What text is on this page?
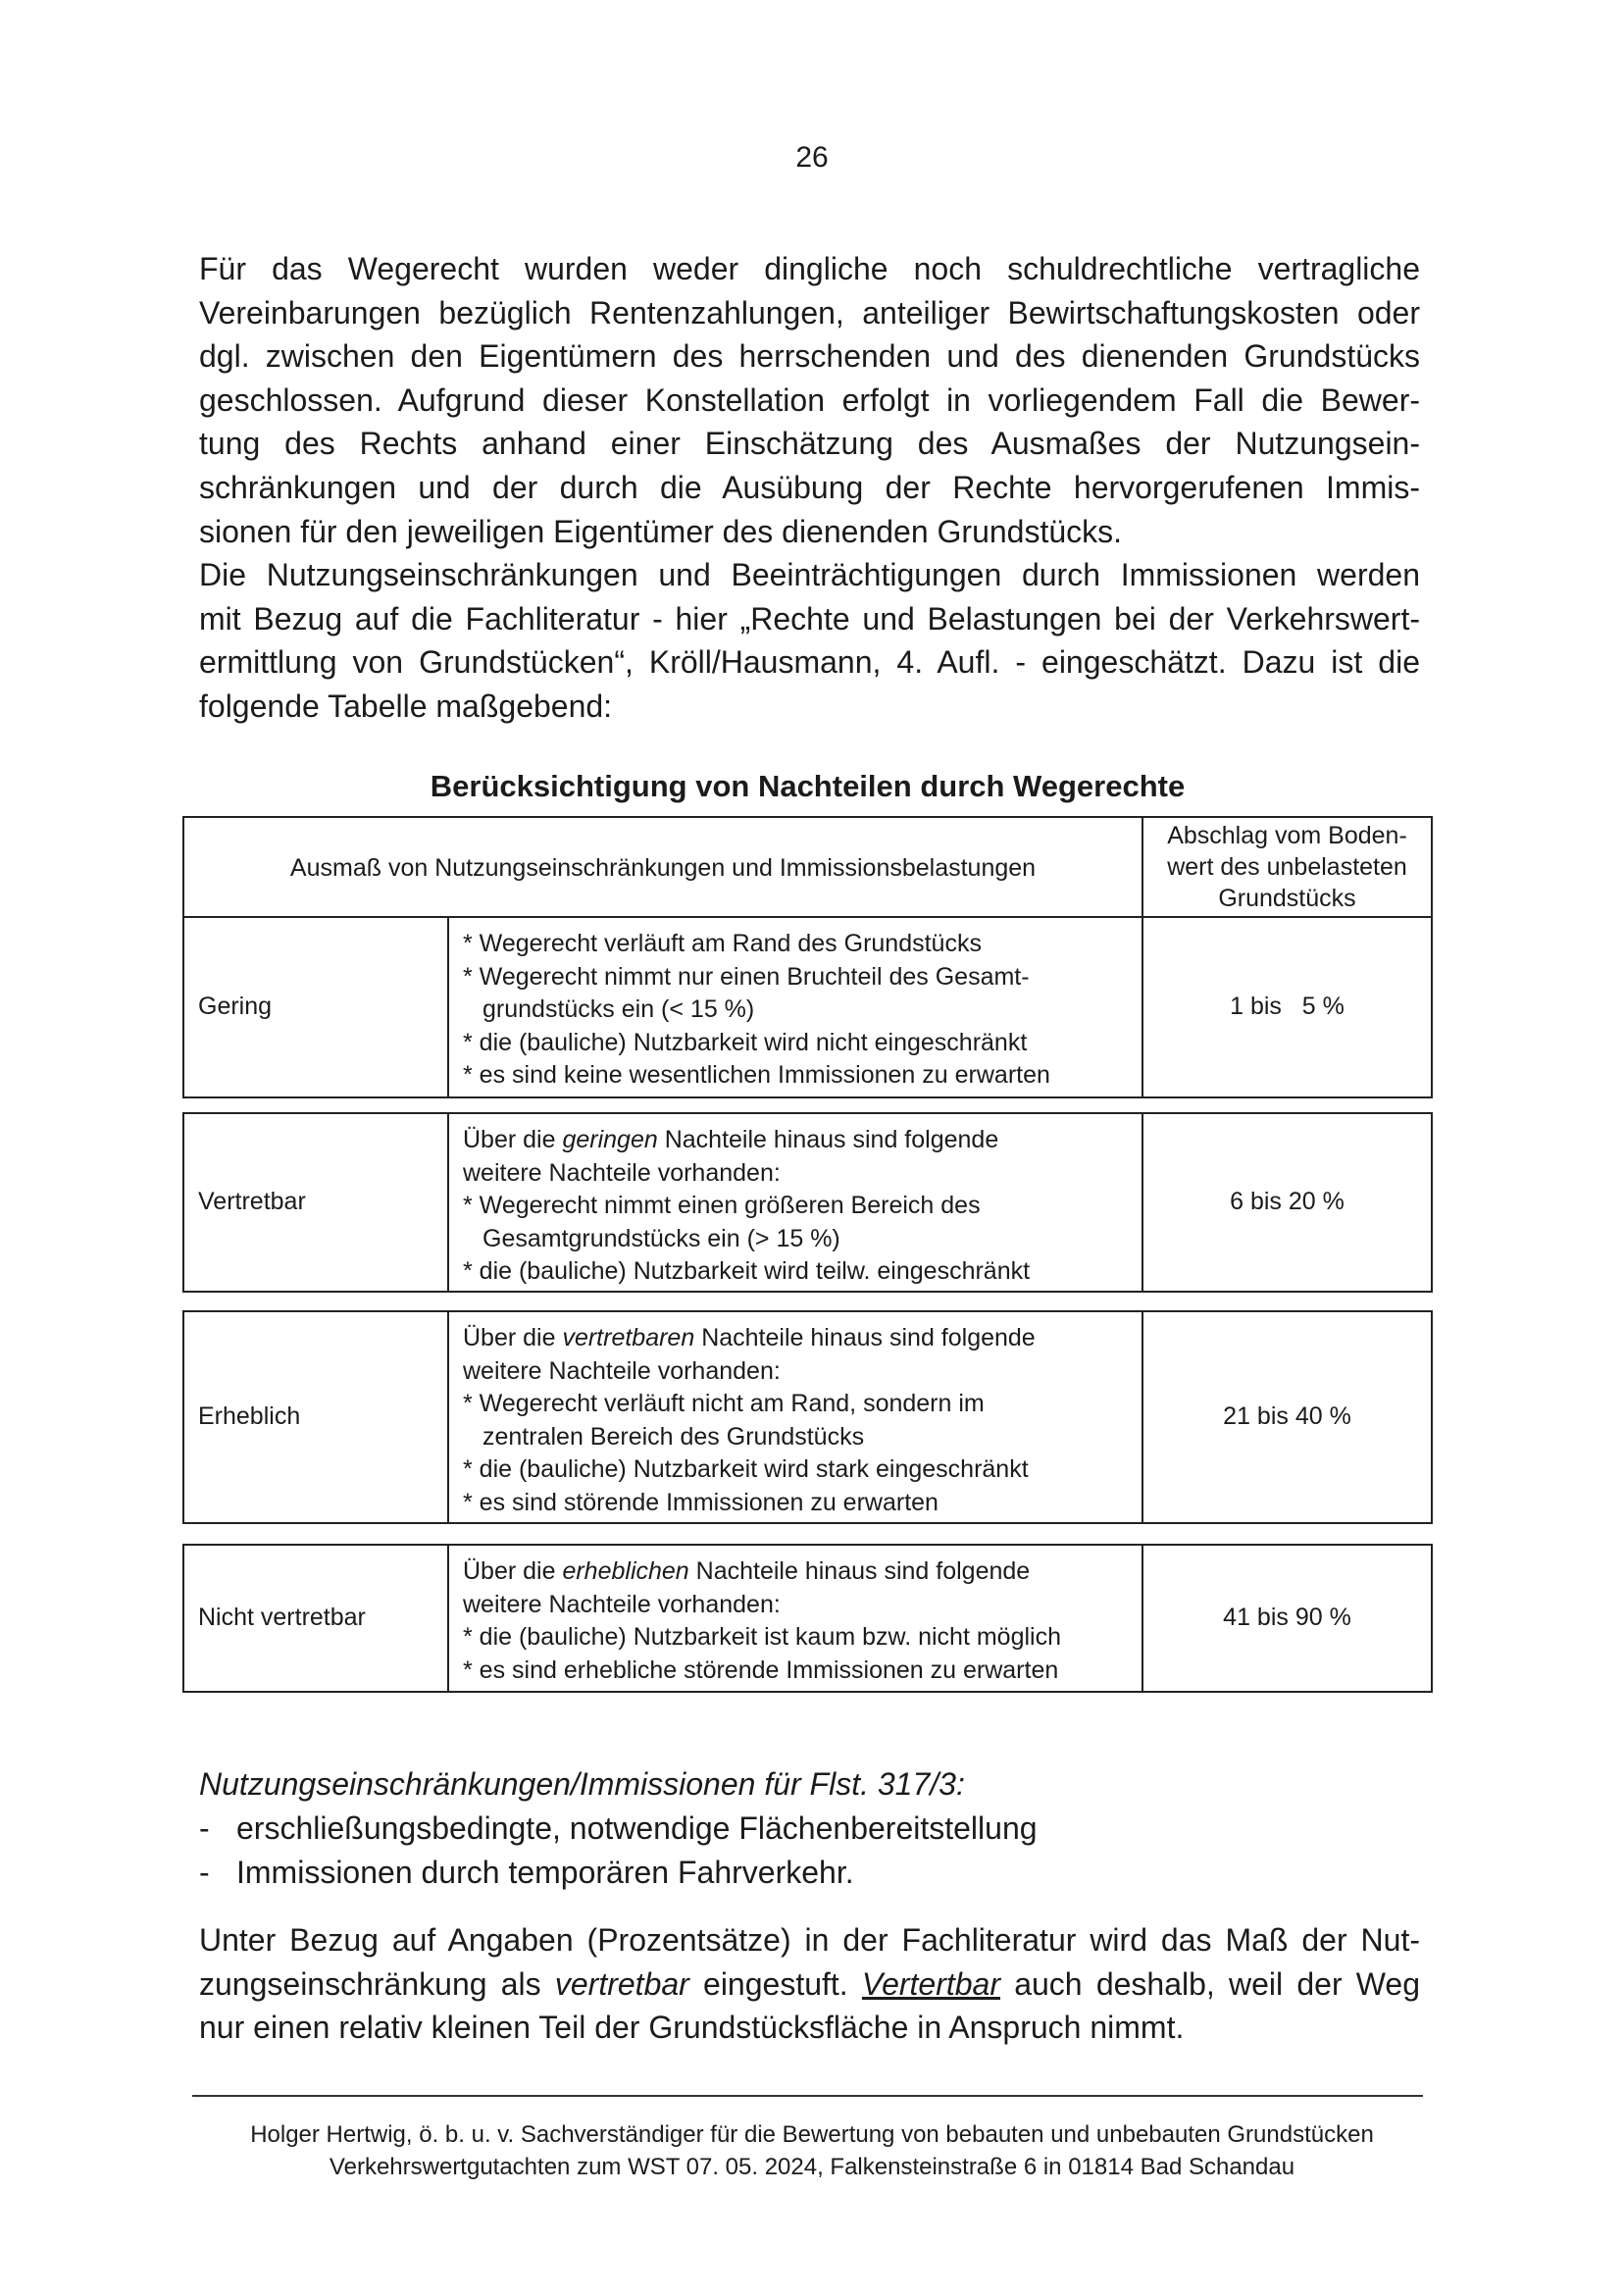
26
Für das Wegerecht wurden weder dingliche noch schuldrechtliche vertragliche
Vereinbarungen bezüglich Rentenzahlungen, anteiliger Bewirtschaftungskosten oder
dgl. zwischen den Eigentümern des herrschenden und des dienenden Grundstücks
geschlossen. Aufgrund dieser Konstellation erfolgt in vorliegendem Fall die Bewer-
tung des Rechts anhand einer Einschätzung des Ausmaßes der Nutzungsein-
schränkungen und der durch die Ausübung der Rechte hervorgerufenen Immis-
sionen für den jeweiligen Eigentümer des dienenden Grundstücks.
Die Nutzungseinschränkungen und Beeinträchtigungen durch Immissionen werden
mit Bezug auf die Fachliteratur - hier „Rechte und Belastungen bei der Verkehrswert-
ermittlung von Grundstücken“, Kröll/Hausmann, 4. Aufl. - eingeschätzt. Dazu ist die
folgende Tabelle maßgebend:
Berücksichtigung von Nachteilen durch Wegerechte
Ausmaß von Nutzungseinschränkungen und Immissionsbelastungen
Abschlag vom Boden-
wert des unbelasteten
Grundstücks
Gering
* Wegerecht verläuft am Rand des Grundstücks
* Wegerecht nimmt nur einen Bruchteil des Gesamt-
grundstücks ein (< 15 %)
* die (bauliche) Nutzbarkeit wird nicht eingeschränkt
* es sind keine wesentlichen Immissionen zu erwarten
1 bis   5 %
Vertretbar
Über die geringen Nachteile hinaus sind folgende
weitere Nachteile vorhanden:
* Wegerecht nimmt einen größeren Bereich des
Gesamtgrundstücks ein (> 15 %)
* die (bauliche) Nutzbarkeit wird teilw. eingeschränkt
6 bis 20 %
Erheblich
Über die vertretbaren Nachteile hinaus sind folgende
weitere Nachteile vorhanden:
* Wegerecht verläuft nicht am Rand, sondern im
zentralen Bereich des Grundstücks
* die (bauliche) Nutzbarkeit wird stark eingeschränkt
* es sind störende Immissionen zu erwarten
21 bis 40 %
Nicht vertretbar
Über die erheblichen Nachteile hinaus sind folgende
weitere Nachteile vorhanden:
* die (bauliche) Nutzbarkeit ist kaum bzw. nicht möglich
* es sind erhebliche störende Immissionen zu erwarten
41 bis 90 %
Nutzungseinschränkungen/Immissionen für Flst. 317/3:
- erschließungsbedingte, notwendige Flächenbereitstellung
- Immissionen durch temporären Fahrverkehr.
Unter Bezug auf Angaben (Prozentsätze) in der Fachliteratur wird das Maß der Nut-
zungseinschränkung als vertretbar eingestuft. Vertertbar auch deshalb, weil der Weg
nur einen relativ kleinen Teil der Grundstücksfläche in Anspruch nimmt.
Holger Hertwig, ö. b. u. v. Sachverständiger für die Bewertung von bebauten und unbebauten Grundstücken
Verkehrswertgutachten zum WST 07. 05. 2024, Falkensteinstraße 6 in 01814 Bad Schandau
